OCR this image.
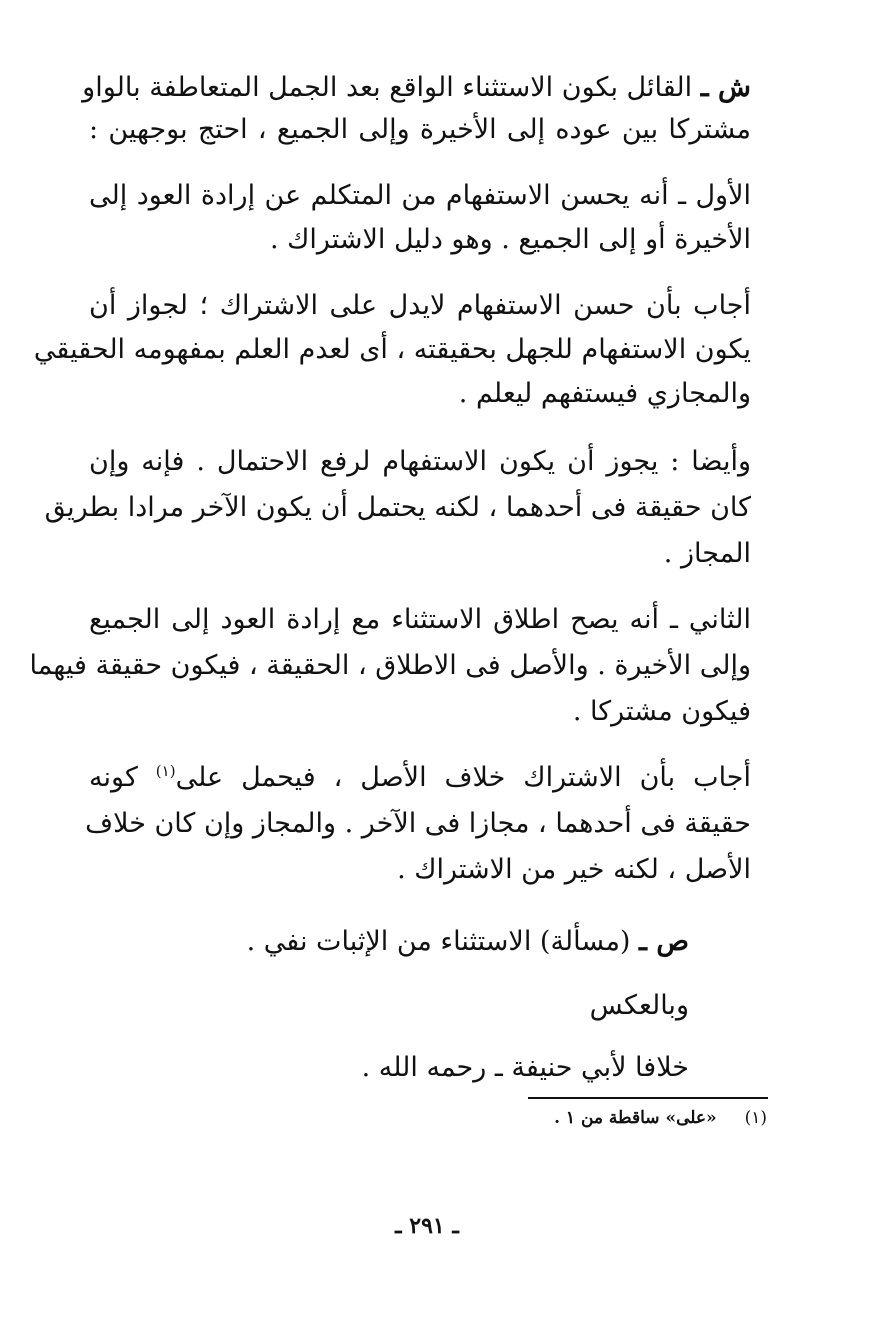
ش ـ القائل بكون الاستثناء الواقع بعد الجمل المتعاطفة بالواو
مشتركا بين عوده إلى الأخيرة وإلى الجميع ، احتج بوجهين :
الأول ـ أنه يحسن الاستفهام من المتكلم عن إرادة العود إلى
الأخيرة أو إلى الجميع . وهو دليل الاشتراك .
أجاب بأن حسن الاستفهام لايدل على الاشتراك ؛ لجواز أن
يكون الاستفهام للجهل بحقيقته ، أى لعدم العلم بمفهومه الحقيقي
والمجازي فيستفهم ليعلم .
وأيضا : يجوز أن يكون الاستفهام لرفع الاحتمال . فإنه وإن
كان حقيقة فى أحدهما ، لكنه يحتمل أن يكون الآخر مرادا بطريق
المجاز .
الثاني ـ أنه يصح اطلاق الاستثناء مع إرادة العود إلى الجميع
وإلى الأخيرة . والأصل فى الاطلاق ، الحقيقة ، فيكون حقيقة فيهما
فيكون مشتركا .
أجاب بأن الاشتراك خلاف الأصل ، فيحمل على$^{(١)}$ كونه
حقيقة فى أحدهما ، مجازا فى الآخر . والمجاز وإن كان خلاف
الأصل ، لكنه خير من الاشتراك .
ص ـ (مسألة) الاستثناء من الإثبات نفي .
وبالعكس
خلافا لأبي حنيفة ـ رحمه الله .
(١) «على» ساقطة من ١ .
ـ ٢٩١ ـ
